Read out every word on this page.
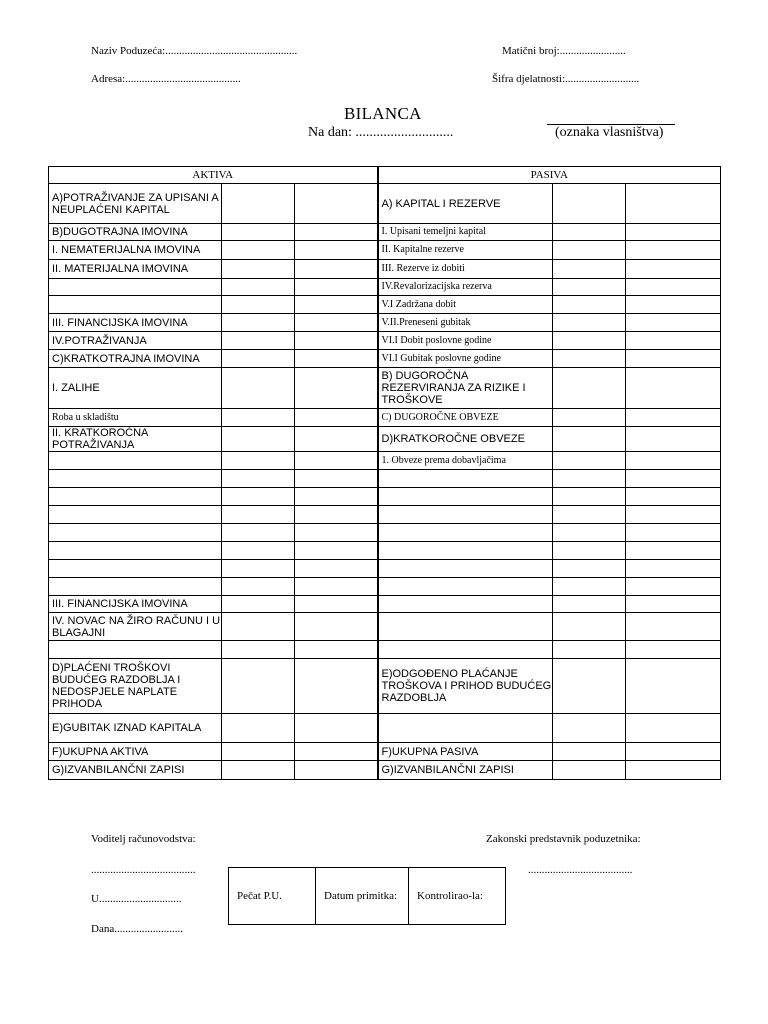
Naziv Poduzeća:................................................	Matični broj:........................
Adresa:..........................................	Šifra djelatnosti:...........................
BILANCA
Na dan: ............................	(oznaka vlasništva)
AKTIVA			PASIVA		
A)POTRAŽIVANJE ZA UPISANI A NEUPLAĆENI KAPITAL			A) KAPITAL I REZERVE		
B)DUGOTRAJNA IMOVINA			I. Upisani temeljni kapital		
I. NEMATERIJALNA IMOVINA			II. Kapitalne rezerve		
II. MATERIJALNA IMOVINA			III. Rezerve iz dobiti		
			IV.Revalorizacijska rezerva		
			V.I Zadržana dobit		
III. FINANCIJSKA IMOVINA			V.II.Preneseni gubitak		
IV.POTRAŽIVANJA			VI.I Dobit poslovne godine		
C)KRATKOTRAJNA IMOVINA			VI.I Gubitak poslovne godine		
I. ZALIHE			B) DUGOROČNA REZERVIRANJA ZA RIZIKE I TROŠKOVE		
Roba u skladištu			C) DUGOROČNE OBVEZE		
II. KRATKOROČNA POTRAŽIVANJA			D)KRATKOROČNE OBVEZE		
			1. Obveze prema dobavljačima		

III. FINANCIJSKA IMOVINA					
IV. NOVAC NA ŽIRO RAČUNU I U BLAGAJNI					

D)PLAĆENI TROŠKOVI BUDUĆEG RAZDOBLJA I NEDOSPJELE NAPLATE PRIHODA			E)ODGOĐENO PLAĆANJE TROŠKOVA I PRIHOD BUDUĆEG RAZDOBLJA		
E)GUBITAK IZNAD KAPITALA					
F)UKUPNA AKTIVA			F)UKUPNA PASIVA		
G)IZVANBILANČNI ZAPISI			G)IZVANBILANČNI ZAPISI		
Voditelj računovodstva:	Zakonski predstavnik poduzetnika:
......................................	......................................
U..............................
Dana.........................
Pečat P.U.	Datum primitka:	Kontrolirao-la:
